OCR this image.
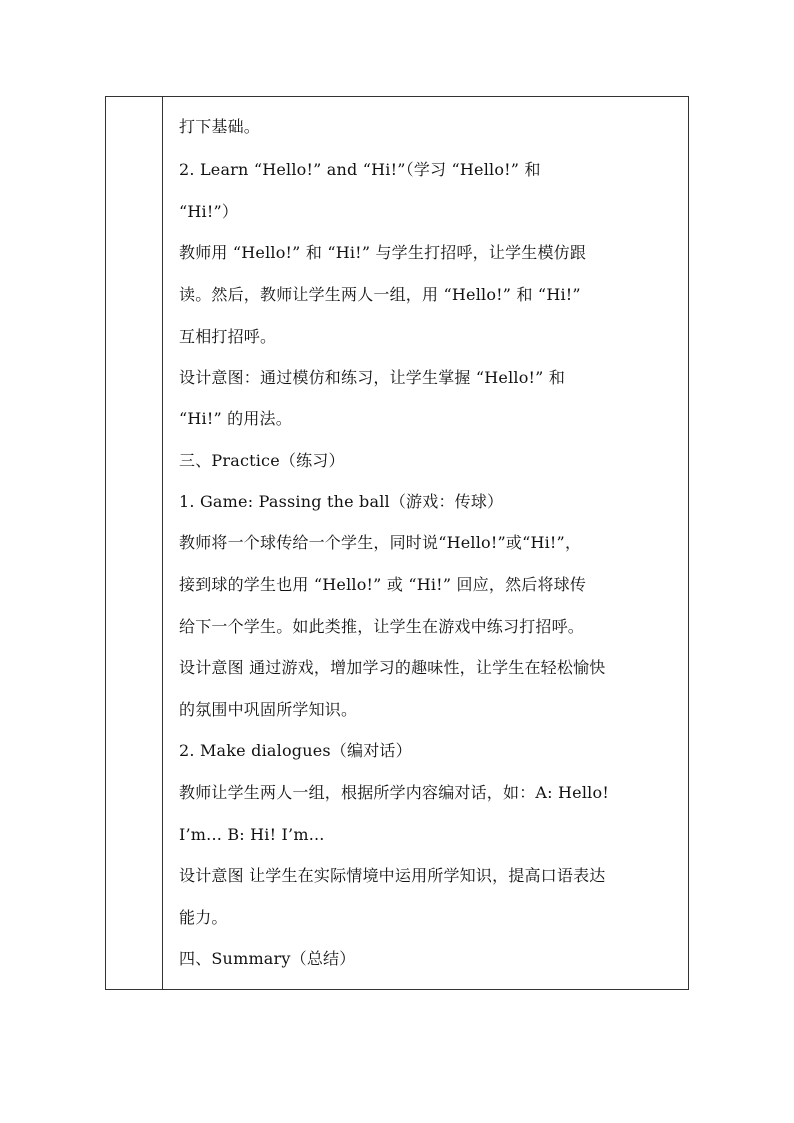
打下基础。
2. Learn “Hello!” and “Hi!”（学习 “Hello!” 和
“Hi!”）
教师用 “Hello!” 和 “Hi!” 与学生打招呼，让学生模仿跟
读。然后，教师让学生两人一组，用 “Hello!” 和 “Hi!”
互相打招呼。
设计意图：通过模仿和练习，让学生掌握 “Hello!” 和
“Hi!” 的用法。
三、Practice（练习）
1. Game: Passing the ball（游戏：传球）
教师将一个球传给一个学生，同时说“Hello!”或“Hi!”，
接到球的学生也用 “Hello!” 或 “Hi!” 回应，然后将球传
给下一个学生。如此类推，让学生在游戏中练习打招呼。
设计意图 通过游戏，增加学习的趣味性，让学生在轻松愉快
的氛围中巩固所学知识。
2. Make dialogues（编对话）
教师让学生两人一组，根据所学内容编对话，如：A: Hello!
I’m... B: Hi! I’m...
设计意图 让学生在实际情境中运用所学知识，提高口语表达
能力。
四、Summary（总结）
